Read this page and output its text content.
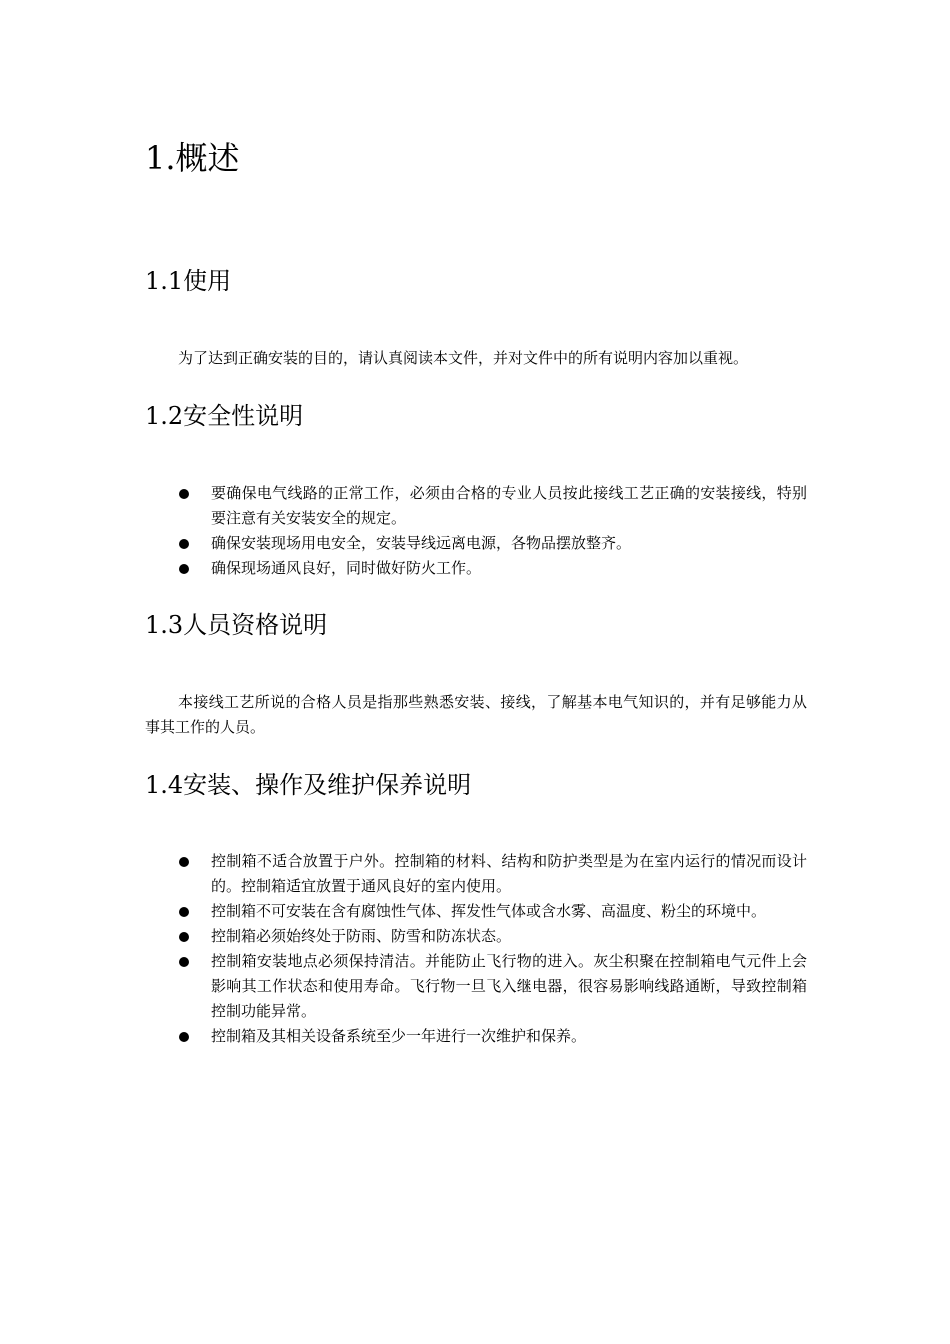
1.概述
1.1使用

为了达到正确安装的目的，请认真阅读本文件，并对文件中的所有说明内容加以重视。

1.2安全性说明
要确保电气线路的正常工作，必须由合格的专业人员按此接线工艺正确的安装接线，特别要注意有关安装安全的规定。
确保安装现场用电安全，安装导线远离电源，各物品摆放整齐。
确保现场通风良好，同时做好防火工作。
1.3人员资格说明

本接线工艺所说的合格人员是指那些熟悉安装、接线，了解基本电气知识的，并有足够能力从事其工作的人员。

1.4安装、操作及维护保养说明
控制箱不适合放置于户外。控制箱的材料、结构和防护类型是为在室内运行的情况而设计的。控制箱适宜放置于通风良好的室内使用。
控制箱不可安装在含有腐蚀性气体、挥发性气体或含水雾、高温度、粉尘的环境中。
控制箱必须始终处于防雨、防雪和防冻状态。
控制箱安装地点必须保持清洁。并能防止飞行物的进入。灰尘积聚在控制箱电气元件上会影响其工作状态和使用寿命。飞行物一旦飞入继电器，很容易影响线路通断，导致控制箱控制功能异常。
控制箱及其相关设备系统至少一年进行一次维护和保养。
